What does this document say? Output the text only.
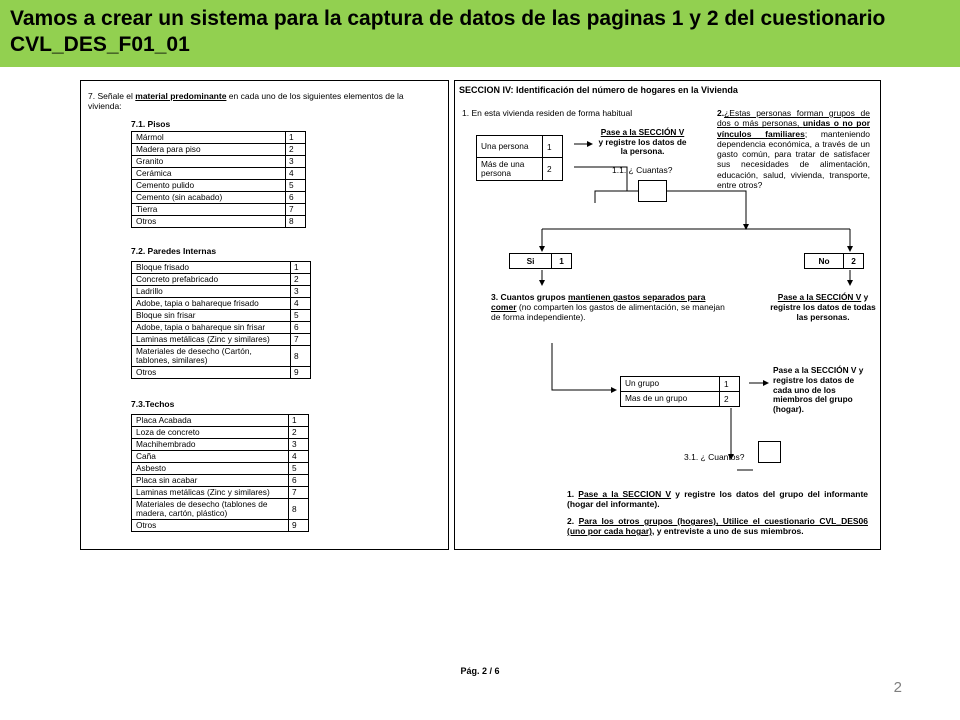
Vamos a crear un sistema para la captura de datos de las paginas 1 y 2 del cuestionario CVL_DES_F01_01
7. Señale el material predominante en cada uno de los siguientes elementos de la vivienda:
7.1. Pisos
Mármol	1
Madera para piso	2
Granito	3
Cerámica	4
Cemento pulido	5
Cemento (sin acabado)	6
Tierra	7
Otros	8
7.2. Paredes Internas
Bloque frisado	1
Concreto prefabricado	2
Ladrillo	3
Adobe, tapia o bahareque frisado	4
Bloque sin frisar	5
Adobe, tapia o bahareque sin frisar	6
Laminas metálicas (Zinc y similares)	7
Materiales de desecho (Cartón, tablones, similares)	8
Otros	9
7.3.Techos
Placa Acabada	1
Loza de concreto	2
Machihembrado	3
Caña	4
Asbesto	5
Placa sin acabar	6
Laminas metálicas (Zinc y similares)	7
Materiales de desecho (tablones de madera, cartón, plástico)	8
Otros	9
SECCION IV: Identificación del número de hogares en la Vivienda
1. En esta vivienda residen de forma habitual
Una persona	1
Más de una persona	2
Pase a la SECCIÓN V
y registre los datos de la persona.
1.1. ¿ Cuantas?
2.¿Estas personas forman grupos de dos o más personas, unidas o no por vínculos familiares; manteniendo dependencia económica, a través de un gasto común, para tratar de satisfacer sus necesidades de alimentación, educación, salud, vivienda, transporte, entre otros?
Si	1	No	2
3. Cuantos grupos mantienen gastos separados para comer (no comparten los gastos de alimentación, se manejan de forma independiente).
Pase a la SECCIÓN V y registre los datos de todas las personas.
Un grupo	1
Mas de un grupo	2
Pase a la SECCIÓN V y registre los datos de cada uno de los miembros del grupo (hogar).
3.1. ¿ Cuantos?
1. Pase a la SECCION V y registre los datos del grupo del informante (hogar del informante).
2. Para los otros grupos (hogares), Utilice el cuestionario CVL_DES06 (uno por cada hogar), y entreviste a uno de sus miembros.
Pág. 2 / 6
2
